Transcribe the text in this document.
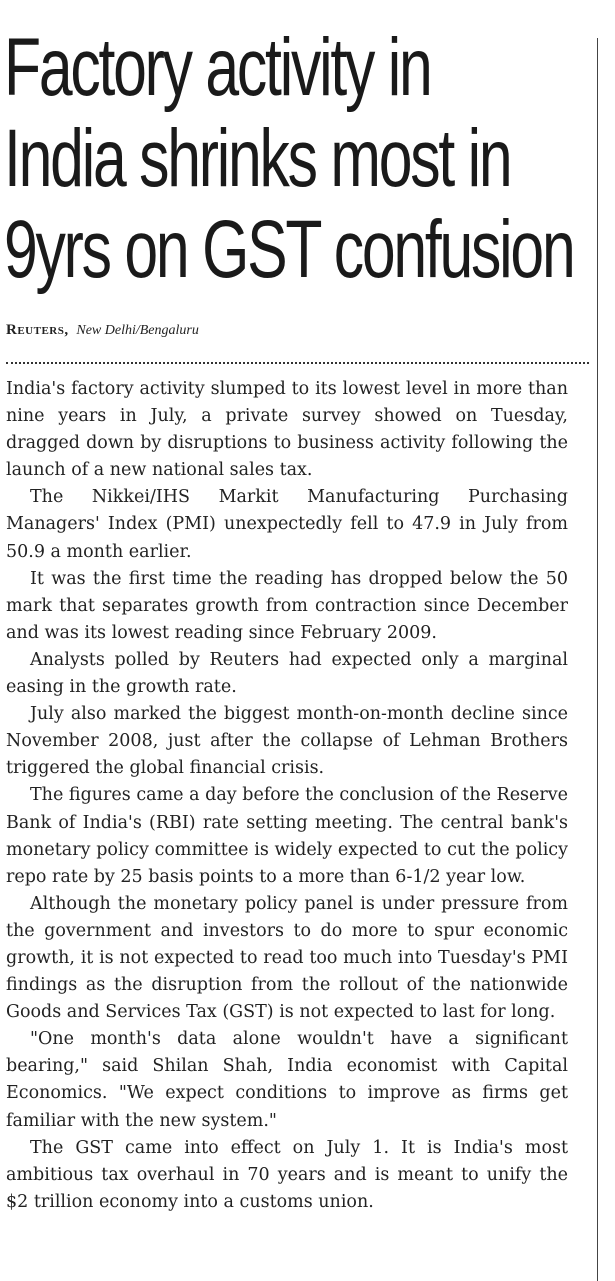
Factory activity in
India shrinks most in
9yrs on GST confusion
Reuters, New Delhi/Bengaluru

India's factory activity slumped to its lowest level in more than nine years in July, a private survey showed on Tuesday, dragged down by disruptions to business activity following the launch of a new national sales tax.

The Nikkei/IHS Markit Manufacturing Purchasing Managers' Index (PMI) unexpectedly fell to 47.9 in July from 50.9 a month earlier.

It was the first time the reading has dropped below the 50 mark that separates growth from contraction since December and was its lowest reading since February 2009.

Analysts polled by Reuters had expected only a marginal easing in the growth rate.

July also marked the biggest month-on-month decline since November 2008, just after the collapse of Lehman Brothers triggered the global financial crisis.

The figures came a day before the conclusion of the Reserve Bank of India's (RBI) rate setting meeting. The central bank's monetary policy committee is widely expected to cut the policy repo rate by 25 basis points to a more than 6-1/2 year low.

Although the monetary policy panel is under pressure from the government and investors to do more to spur economic growth, it is not expected to read too much into Tuesday's PMI findings as the disruption from the rollout of the nationwide Goods and Services Tax (GST) is not expected to last for long.

"One month's data alone wouldn't have a significant bearing," said Shilan Shah, India economist with Capital Economics. "We expect conditions to improve as firms get familiar with the new system."

The GST came into effect on July 1. It is India's most ambitious tax overhaul in 70 years and is meant to unify the $2 trillion economy into a customs union.
